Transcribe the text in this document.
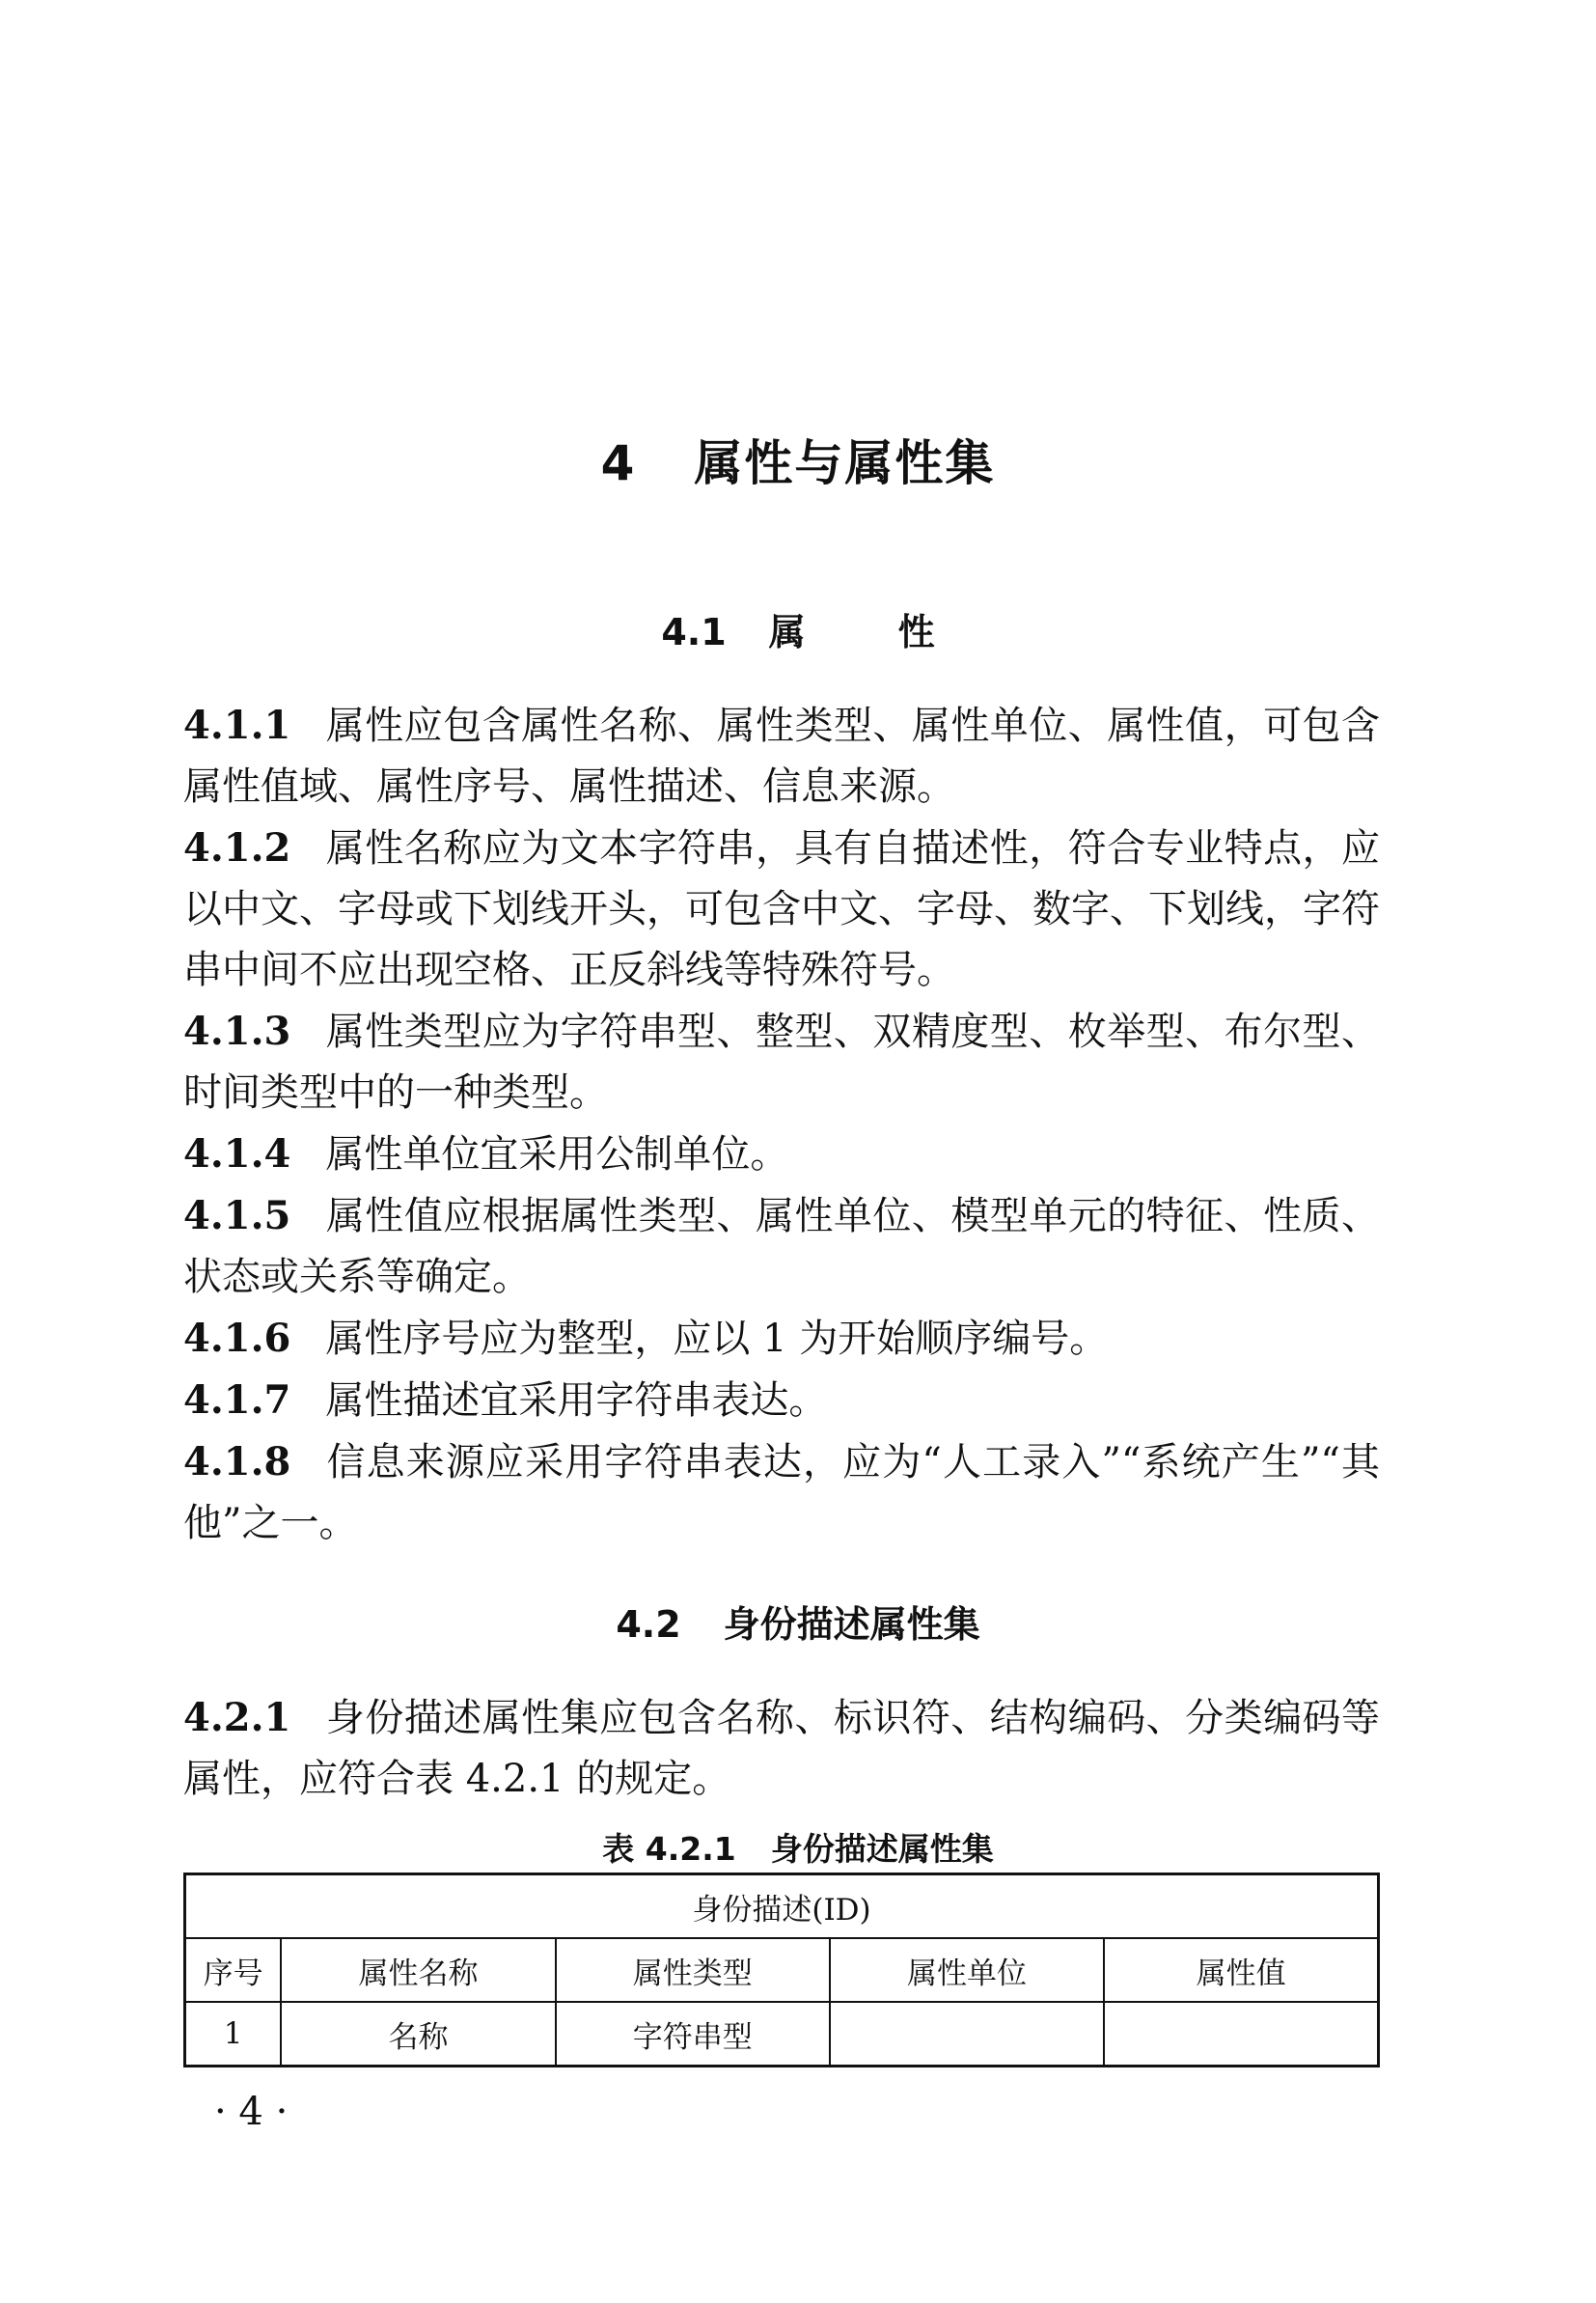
4 属性与属性集
4.1 属	性

4.1.1 属性应包含属性名称、属性类型、属性单位、属性值，可包含属性值域、属性序号、属性描述、信息来源。

4.1.2 属性名称应为文本字符串，具有自描述性，符合专业特点，应以中文、字母或下划线开头，可包含中文、字母、数字、下划线，字符串中间不应出现空格、正反斜线等特殊符号。

4.1.3 属性类型应为字符串型、整型、双精度型、枚举型、布尔型、时间类型中的一种类型。

4.1.4 属性单位宜采用公制单位。

4.1.5 属性值应根据属性类型、属性单位、模型单元的特征、性质、状态或关系等确定。

4.1.6 属性序号应为整型，应以 1 为开始顺序编号。

4.1.7 属性描述宜采用字符串表达。

4.1.8 信息来源应采用字符串表达，应为“人工录入”“系统产生”“其他”之一。

4.2 身份描述属性集

4.2.1 身份描述属性集应包含名称、标识符、结构编码、分类编码等属性，应符合表 4.2.1 的规定。

表 4.2.1 身份描述属性集
身份描述(ID)				
序号	属性名称	属性类型	属性单位	属性值
1	名称	字符串型		
· 4 ·
